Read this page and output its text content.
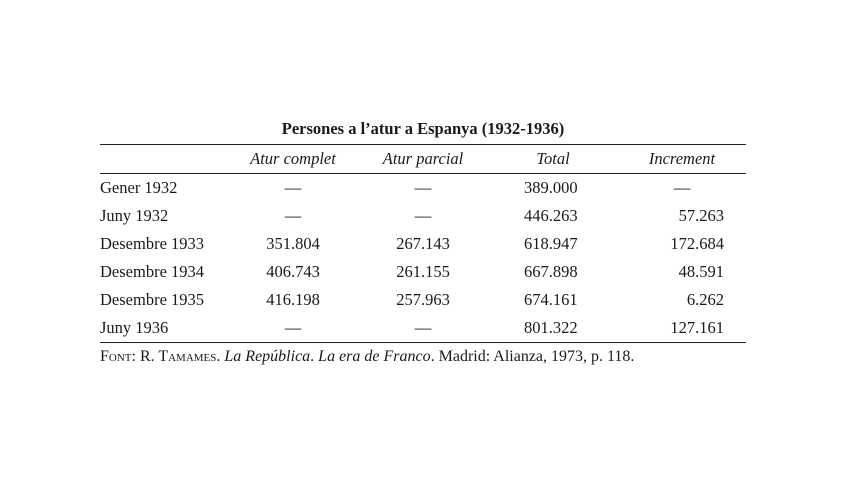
Persones a l’atur a Espanya (1932-1936)
	Atur complet	Atur parcial	Total	Increment
Gener 1932	—	—	389.000	—
Juny 1932	—	—	446.263	57.263
Desembre 1933	351.804	267.143	618.947	172.684
Desembre 1934	406.743	261.155	667.898	48.591
Desembre 1935	416.198	257.963	674.161	6.262
Juny 1936	—	—	801.322	127.161
Font: R. Tamames. La República. La era de Franco. Madrid: Alianza, 1973, p. 118.
